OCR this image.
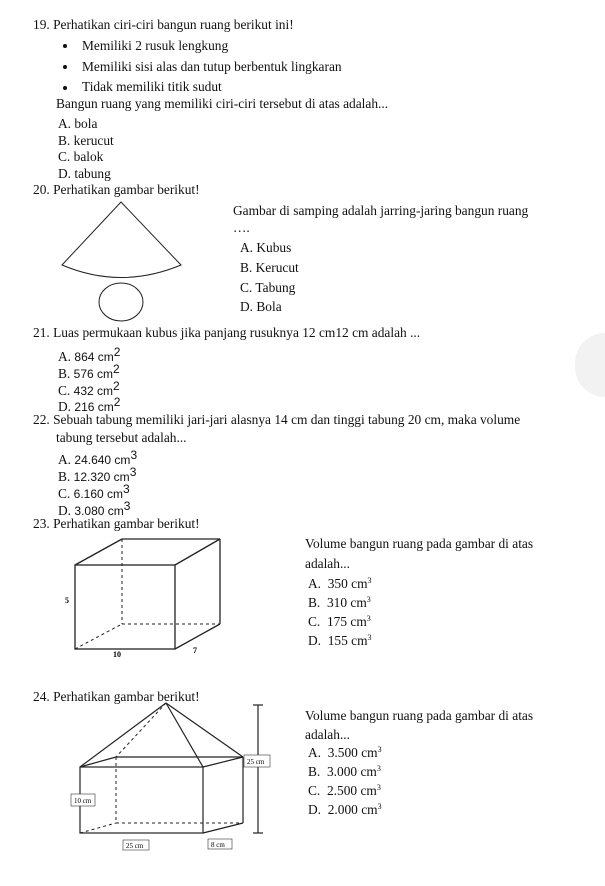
19. Perhatikan ciri-ciri bangun ruang berikut ini!
Memiliki 2 rusuk lengkung
Memiliki sisi alas dan tutup berbentuk lingkaran
Tidak memiliki titik sudut
Bangun ruang yang memiliki ciri-ciri tersebut di atas adalah...
A. bola
B. kerucut
C. balok
D. tabung
20. Perhatikan gambar berikut!
Gambar di samping adalah jarring-jaring bangun ruang
….
A. Kubus
B. Kerucut
C. Tabung
D. Bola
21. Luas permukaan kubus jika panjang rusuknya 12 cm12 cm adalah ...
A. 864 $cm^2$
B. 576 $cm^2$
C. 432 $cm^2$
D. 216 $cm^2$
22. Sebuah tabung memiliki jari-jari alasnya 14 cm dan tinggi tabung 20 cm, maka volume
tabung tersebut adalah...
A. 24.640 $cm^3$
B. 12.320 $cm^3$
C. 6.160 $cm^3$
D. 3.080 $cm^3$
23. Perhatikan gambar berikut!
5
10	7
Volume bangun ruang pada gambar di atas
adalah...
A. 350 $cm^3$
B. 310 $cm^3$
C. 175 $cm^3$
D. 155 $cm^3$
24. Perhatikan gambar berikut!
25 cm
10 cm
25 cm	8 cm
Volume bangun ruang pada gambar di atas
adalah...
A. 3.500 $cm^3$
B. 3.000 $cm^3$
C. 2.500 $cm^3$
D. 2.000 $cm^3$
